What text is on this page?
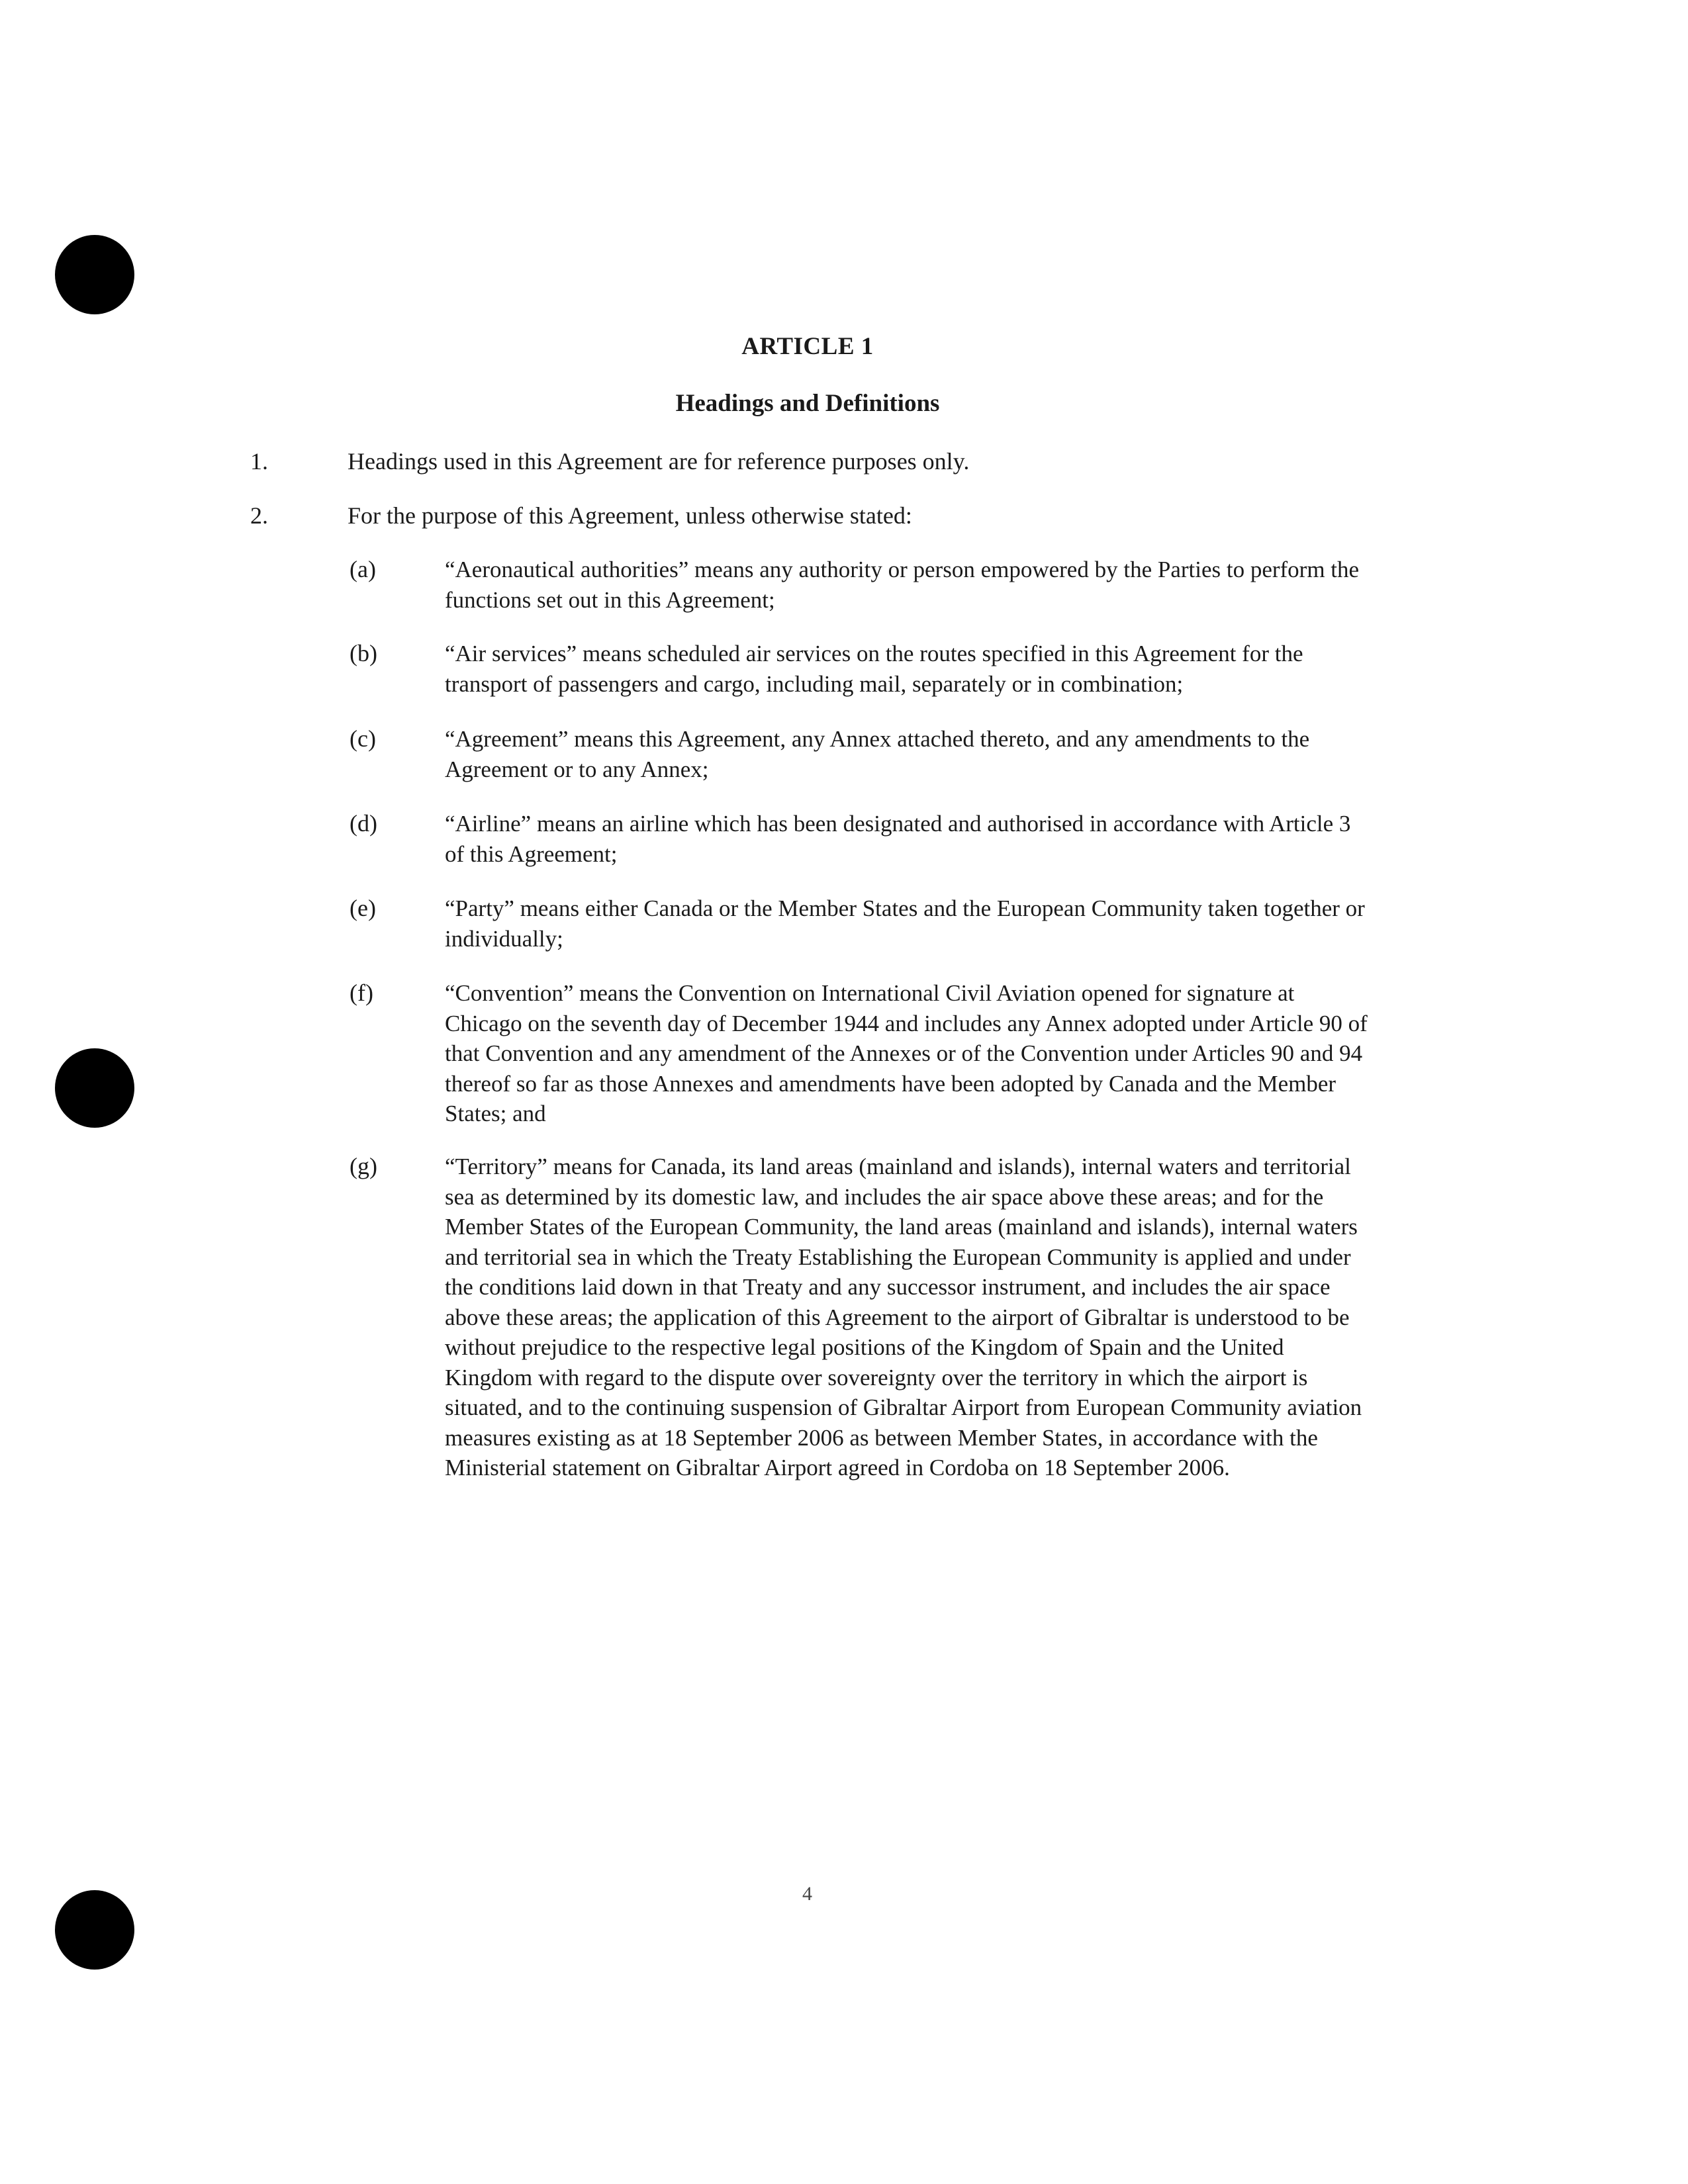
ARTICLE 1
Headings and Definitions
1.	Headings used in this Agreement are for reference purposes only.
2.	For the purpose of this Agreement, unless otherwise stated:
(a)	“Aeronautical authorities” means any authority or person empowered by the Parties to perform the functions set out in this Agreement;
(b)	“Air services” means scheduled air services on the routes specified in this Agreement for the transport of passengers and cargo, including mail, separately or in combination;
(c)	“Agreement” means this Agreement, any Annex attached thereto, and any amendments to the Agreement or to any Annex;
(d)	“Airline” means an airline which has been designated and authorised in accordance with Article 3 of this Agreement;
(e)	“Party” means either Canada or the Member States and the European Community taken together or individually;
(f)	“Convention” means the Convention on International Civil Aviation opened for signature at Chicago on the seventh day of December 1944 and includes any Annex adopted under Article 90 of that Convention and any amendment of the Annexes or of the Convention under Articles 90 and 94 thereof so far as those Annexes and amendments have been adopted by Canada and the Member States; and
(g)	“Territory” means for Canada, its land areas (mainland and islands), internal waters and territorial sea as determined by its domestic law, and includes the air space above these areas; and for the Member States of the European Community, the land areas (mainland and islands), internal waters and territorial sea in which the Treaty Establishing the European Community is applied and under the conditions laid down in that Treaty and any successor instrument, and includes the air space above these areas; the application of this Agreement to the airport of Gibraltar is understood to be without prejudice to the respective legal positions of the Kingdom of Spain and the United Kingdom with regard to the dispute over sovereignty over the territory in which the airport is situated, and to the continuing suspension of Gibraltar Airport from European Community aviation measures existing as at 18 September 2006 as between Member States, in accordance with the Ministerial statement on Gibraltar Airport agreed in Cordoba on 18 September 2006.
4
